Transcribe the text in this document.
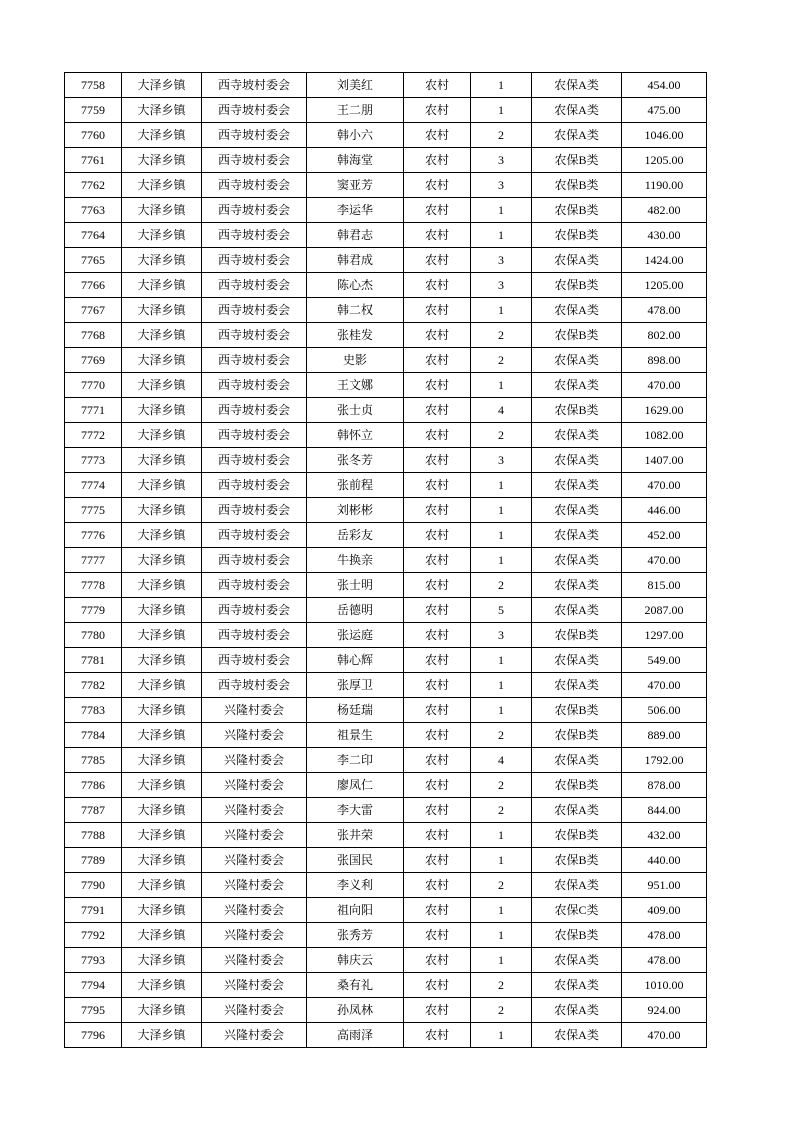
7758	大泽乡镇	西寺坡村委会	刘美红	农村	1	农保A类	454.00
7759	大泽乡镇	西寺坡村委会	王二朋	农村	1	农保A类	475.00
7760	大泽乡镇	西寺坡村委会	韩小六	农村	2	农保A类	1046.00
7761	大泽乡镇	西寺坡村委会	韩海堂	农村	3	农保B类	1205.00
7762	大泽乡镇	西寺坡村委会	窦亚芳	农村	3	农保B类	1190.00
7763	大泽乡镇	西寺坡村委会	李运华	农村	1	农保B类	482.00
7764	大泽乡镇	西寺坡村委会	韩君志	农村	1	农保B类	430.00
7765	大泽乡镇	西寺坡村委会	韩君成	农村	3	农保A类	1424.00
7766	大泽乡镇	西寺坡村委会	陈心杰	农村	3	农保B类	1205.00
7767	大泽乡镇	西寺坡村委会	韩二权	农村	1	农保A类	478.00
7768	大泽乡镇	西寺坡村委会	张桂发	农村	2	农保B类	802.00
7769	大泽乡镇	西寺坡村委会	史影	农村	2	农保A类	898.00
7770	大泽乡镇	西寺坡村委会	王文娜	农村	1	农保A类	470.00
7771	大泽乡镇	西寺坡村委会	张士贞	农村	4	农保B类	1629.00
7772	大泽乡镇	西寺坡村委会	韩怀立	农村	2	农保A类	1082.00
7773	大泽乡镇	西寺坡村委会	张冬芳	农村	3	农保A类	1407.00
7774	大泽乡镇	西寺坡村委会	张前程	农村	1	农保A类	470.00
7775	大泽乡镇	西寺坡村委会	刘彬彬	农村	1	农保A类	446.00
7776	大泽乡镇	西寺坡村委会	岳彩友	农村	1	农保A类	452.00
7777	大泽乡镇	西寺坡村委会	牛换亲	农村	1	农保A类	470.00
7778	大泽乡镇	西寺坡村委会	张士明	农村	2	农保A类	815.00
7779	大泽乡镇	西寺坡村委会	岳德明	农村	5	农保A类	2087.00
7780	大泽乡镇	西寺坡村委会	张运庭	农村	3	农保B类	1297.00
7781	大泽乡镇	西寺坡村委会	韩心辉	农村	1	农保A类	549.00
7782	大泽乡镇	西寺坡村委会	张厚卫	农村	1	农保A类	470.00
7783	大泽乡镇	兴隆村委会	杨廷瑞	农村	1	农保B类	506.00
7784	大泽乡镇	兴隆村委会	祖景生	农村	2	农保B类	889.00
7785	大泽乡镇	兴隆村委会	李二印	农村	4	农保A类	1792.00
7786	大泽乡镇	兴隆村委会	廖凤仁	农村	2	农保B类	878.00
7787	大泽乡镇	兴隆村委会	李大雷	农村	2	农保A类	844.00
7788	大泽乡镇	兴隆村委会	张井荣	农村	1	农保B类	432.00
7789	大泽乡镇	兴隆村委会	张国民	农村	1	农保B类	440.00
7790	大泽乡镇	兴隆村委会	李义利	农村	2	农保A类	951.00
7791	大泽乡镇	兴隆村委会	祖向阳	农村	1	农保C类	409.00
7792	大泽乡镇	兴隆村委会	张秀芳	农村	1	农保B类	478.00
7793	大泽乡镇	兴隆村委会	韩庆云	农村	1	农保A类	478.00
7794	大泽乡镇	兴隆村委会	桑有礼	农村	2	农保A类	1010.00
7795	大泽乡镇	兴隆村委会	孙凤林	农村	2	农保A类	924.00
7796	大泽乡镇	兴隆村委会	高雨泽	农村	1	农保A类	470.00
